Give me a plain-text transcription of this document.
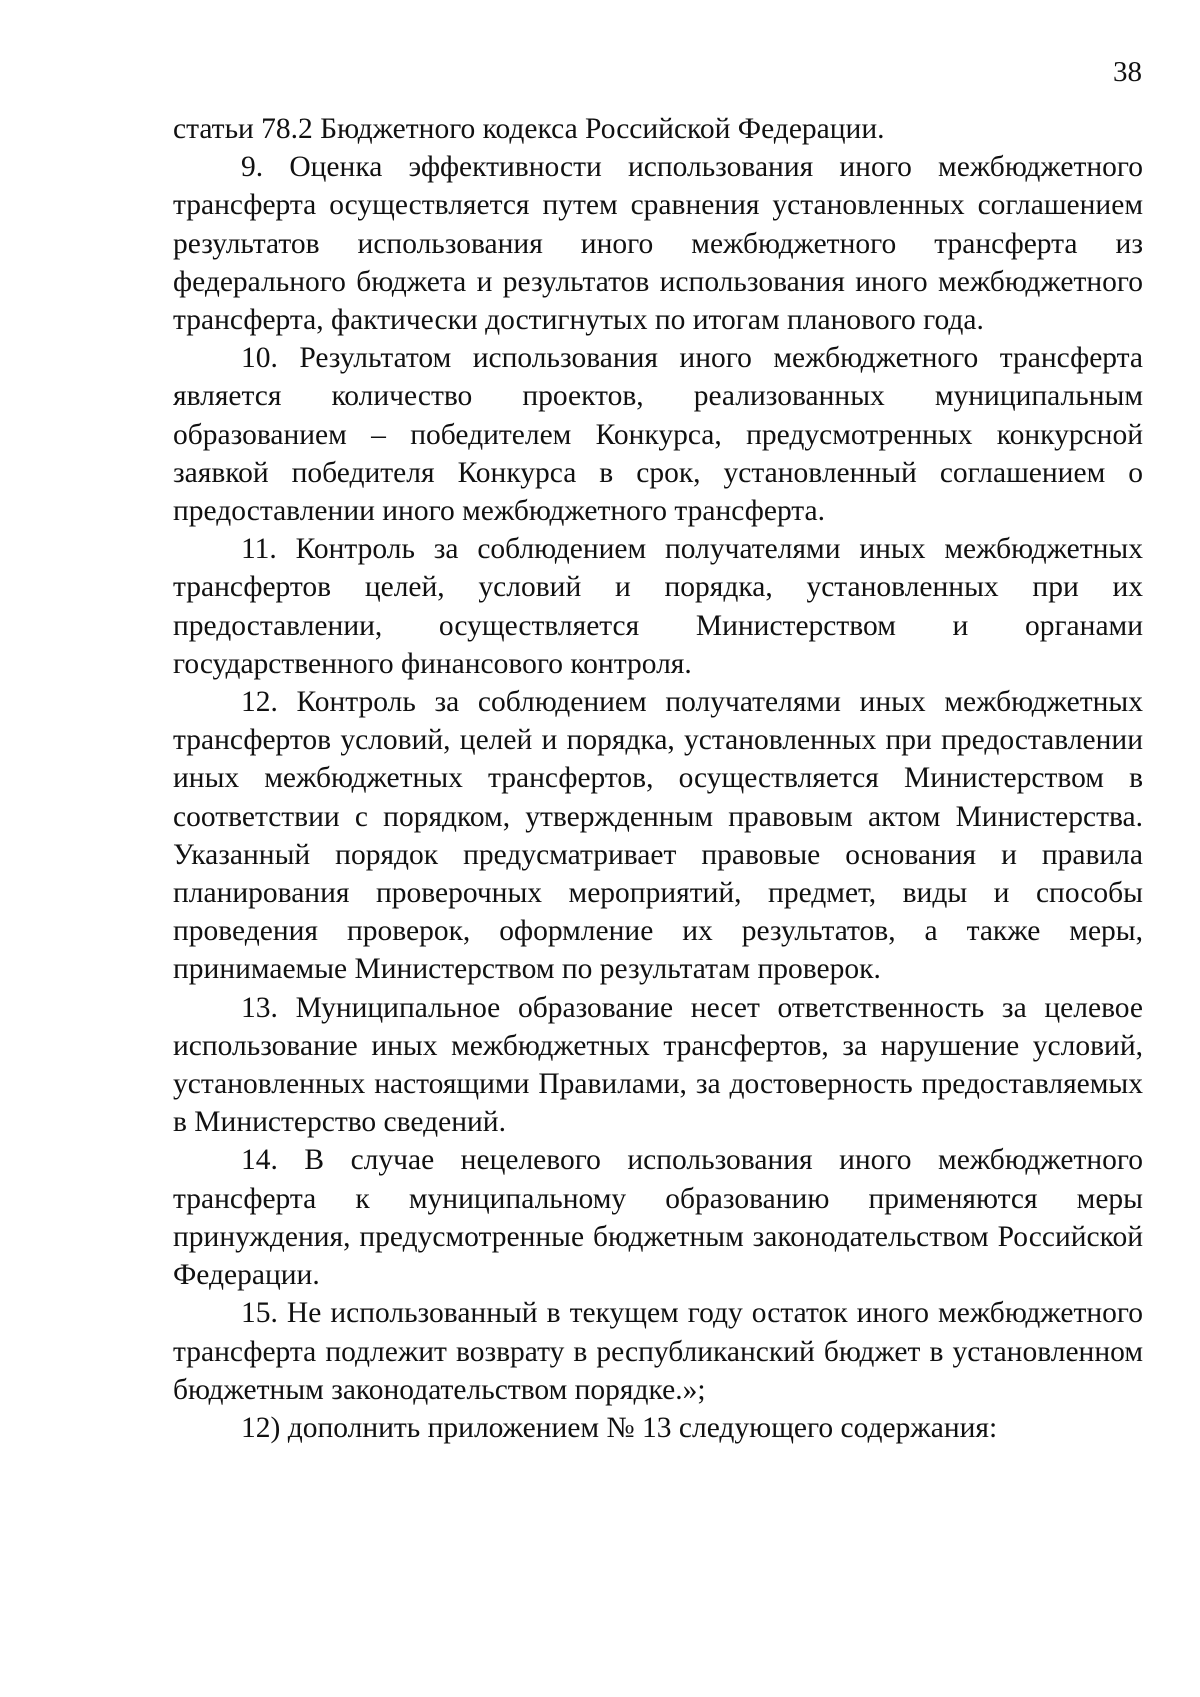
38

статьи 78.2 Бюджетного кодекса Российской Федерации.

9. Оценка эффективности использования иного межбюджетного трансферта осуществляется путем сравнения установленных соглашением результатов использования иного межбюджетного трансферта из федерального бюджета и результатов использования иного межбюджетного трансферта, фактически достигнутых по итогам планового года.

10. Результатом использования иного межбюджетного трансферта является количество проектов, реализованных муниципальным образованием – победителем Конкурса, предусмотренных конкурсной заявкой победителя Конкурса в срок, установленный соглашением о предоставлении иного межбюджетного трансферта.

11. Контроль за соблюдением получателями иных межбюджетных трансфертов целей, условий и порядка, установленных при их предоставлении, осуществляется Министерством и органами государственного финансового контроля.

12. Контроль за соблюдением получателями иных межбюджетных трансфертов условий, целей и порядка, установленных при предоставлении иных межбюджетных трансфертов, осуществляется Министерством в соответствии с порядком, утвержденным правовым актом Министерства. Указанный порядок предусматривает правовые основания и правила планирования проверочных мероприятий, предмет, виды и способы проведения проверок, оформление их результатов, а также меры, принимаемые Министерством по результатам проверок.

13. Муниципальное образование несет ответственность за целевое использование иных межбюджетных трансфертов, за нарушение условий, установленных настоящими Правилами, за достоверность предоставляемых в Министерство сведений.

14. В случае нецелевого использования иного межбюджетного трансферта к муниципальному образованию применяются меры принуждения, предусмотренные бюджетным законодательством Российской Федерации.

15. Не использованный в текущем году остаток иного межбюджетного трансферта подлежит возврату в республиканский бюджет в установленном бюджетным законодательством порядке.»;

12) дополнить приложением № 13 следующего содержания:
